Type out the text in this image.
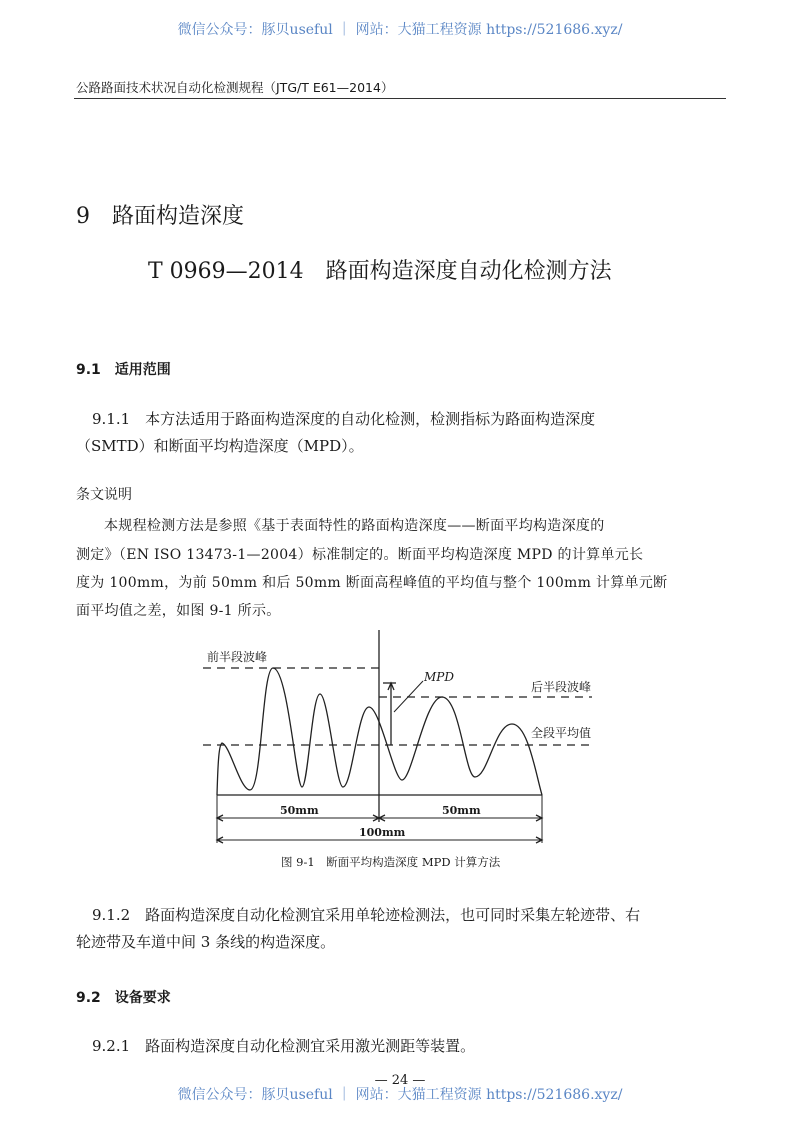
微信公众号：豚贝useful ｜ 网站：大猫工程资源 https://521686.xyz/
公路路面技术状况自动化检测规程（JTG/T E61—2014）
9　路面构造深度
T 0969—2014　路面构造深度自动化检测方法
9.1　适用范围
9.1.1　本方法适用于路面构造深度的自动化检测，检测指标为路面构造深度
（SMTD）和断面平均构造深度（MPD）。
条文说明
本规程检测方法是参照《基于表面特性的路面构造深度——断面平均构造深度的
测定》（EN ISO 13473-1—2004）标准制定的。断面平均构造深度 MPD 的计算单元长
度为 100mm，为前 50mm 和后 50mm 断面高程峰值的平均值与整个 100mm 计算单元断
面平均值之差，如图 9-1 所示。
前半段波峰
MPD
后半段波峰
全段平均值
50mm	50mm
100mm
图 9-1　断面平均构造深度 MPD 计算方法
9.1.2　路面构造深度自动化检测宜采用单轮迹检测法，也可同时采集左轮迹带、右
轮迹带及车道中间 3 条线的构造深度。
9.2　设备要求
9.2.1　路面构造深度自动化检测宜采用激光测距等装置。
— 24 —
微信公众号：豚贝useful ｜ 网站：大猫工程资源 https://521686.xyz/
